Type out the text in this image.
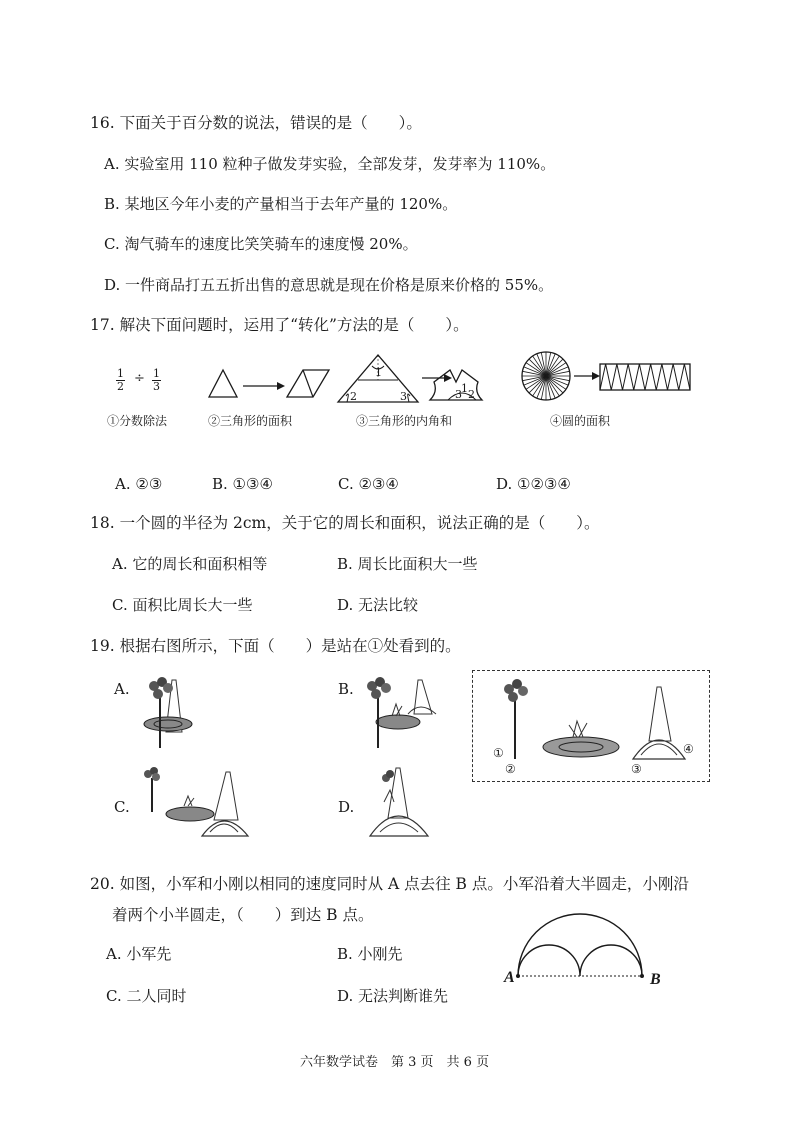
16. 下面关于百分数的说法，错误的是（　　）。
A. 实验室用 110 粒种子做发芽实验，全部发芽，发芽率为 110%。
B. 某地区今年小麦的产量相当于去年产量的 120%。
C. 淘气骑车的速度比笑笑骑车的速度慢 20%。
D. 一件商品打五五折出售的意思就是现在价格是原来价格的 55%。
17. 解决下面问题时，运用了“转化”方法的是（　　）。
$\frac{1}{2} \div \frac{1}{3}$	1
2	3	3 1 2
①分数除法	②三角形的面积	③三角形的内角和	④圆的面积
A. ②③	B. ①③④	C. ②③④	D. ①②③④
18. 一个圆的半径为 2cm，关于它的周长和面积，说法正确的是（　　）。
A. 它的周长和面积相等	B. 周长比面积大一些
C. 面积比周长大一些	D. 无法比较
19. 根据右图所示，下面（　　）是站在①处看到的。
A.	B.
C.	D.
①
②	③
④
20. 如图，小军和小刚以相同的速度同时从 A 点去往 B 点。小军沿着大半圆走，小刚沿
着两个小半圆走，（　　）到达 B 点。
A. 小军先	B. 小刚先
C. 二人同时	D. 无法判断谁先
A	B
六年数学试卷　第 3 页　共 6 页
